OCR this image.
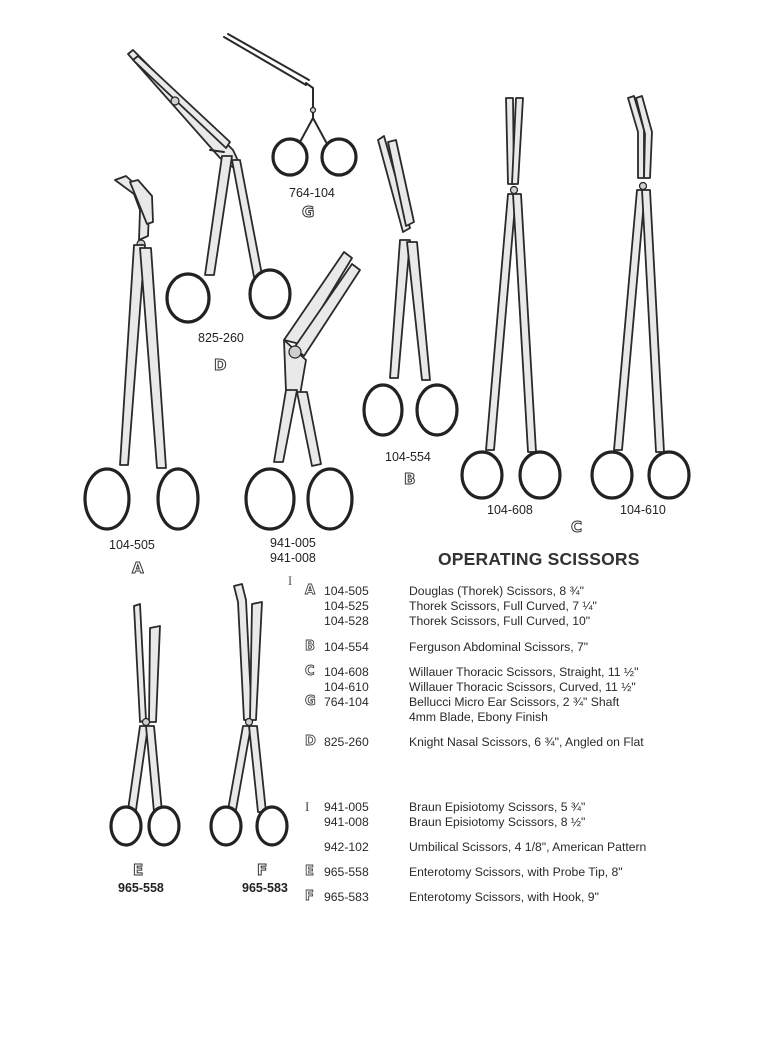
764-104
G
825-260
D
104-554
B
104-608
C
104-610
104-505
A
941-005
941-008
I
E
965-558
F
965-583
OPERATING SCISSORS
A 104-505	Douglas (Thorek) Scissors, 8 ¾"
104-525	Thorek Scissors, Full Curved, 7 ¼"
104-528	Thorek Scissors, Full Curved, 10"
B 104-554	Ferguson Abdominal Scissors, 7"
C 104-608	Willauer Thoracic Scissors, Straight, 11 ½"
104-610	Willauer Thoracic Scissors, Curved, 11 ½"
G 764-104	Bellucci Micro Ear Scissors, 2 ¾" Shaft
4mm Blade, Ebony Finish
D 825-260	Knight Nasal Scissors, 6 ¾", Angled on Flat
I 941-005	Braun Episiotomy Scissors, 5 ¾"
941-008	Braun Episiotomy Scissors, 8 ½"
942-102	Umbilical Scissors, 4 1/8", American Pattern
E 965-558	Enterotomy Scissors, with Probe Tip, 8"
F 965-583	Enterotomy Scissors, with Hook, 9"
